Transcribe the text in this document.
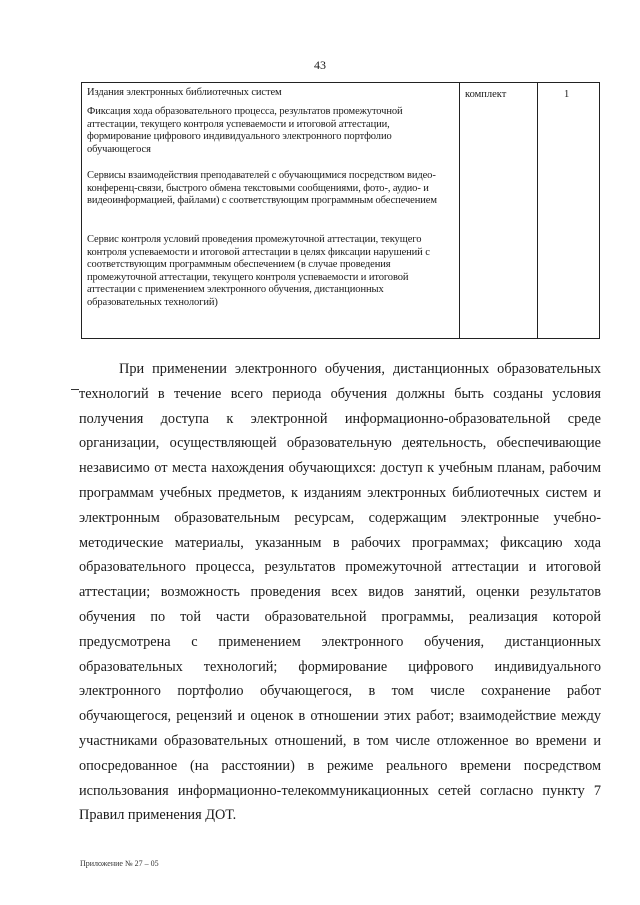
43
Издания электронных библиотечных систем	комплект	1
Фиксация хода образовательного процесса, результатов промежуточной аттестации, текущего контроля успеваемости и итоговой аттестации, формирование цифрового индивидуального электронного портфолио обучающегося
Сервисы взаимодействия преподавателей с обучающимися посредством видео-конференц-связи, быстрого обмена текстовыми сообщениями, фото-, аудио- и видеоинформацией, файлами) с соответствующим программным обеспечением
Сервис контроля условий проведения промежуточной аттестации, текущего контроля успеваемости и итоговой аттестации в целях фиксации нарушений с соответствующим программным обеспечением (в случае проведения промежуточной аттестации, текущего контроля успеваемости и итоговой аттестации с применением электронного обучения, дистанционных образовательных технологий)

При применении электронного обучения, дистанционных образовательных технологий в течение всего периода обучения должны быть созданы условия получения доступа к электронной информационно-образовательной среде организации, осуществляющей образовательную деятельность, обеспечивающие независимо от места нахождения обучающихся: доступ к учебным планам, рабочим программам учебных предметов, к изданиям электронных библиотечных систем и электронным образовательным ресурсам, содержащим электронные учебно-методические материалы, указанным в рабочих программах; фиксацию хода образовательного процесса, результатов промежуточной аттестации и итоговой аттестации; возможность проведения всех видов занятий, оценки результатов обучения по той части образовательной программы, реализация которой предусмотрена с применением электронного обучения, дистанционных образовательных технологий; формирование цифрового индивидуального электронного портфолио обучающегося, в том числе сохранение работ обучающегося, рецензий и оценок в отношении этих работ; взаимодействие между участниками образовательных отношений, в том числе отложенное во времени и опосредованное (на расстоянии) в режиме реального времени посредством использования информационно-телекоммуникационных сетей согласно пункту 7 Правил применения ДОТ.

Приложение № 27 – 05
